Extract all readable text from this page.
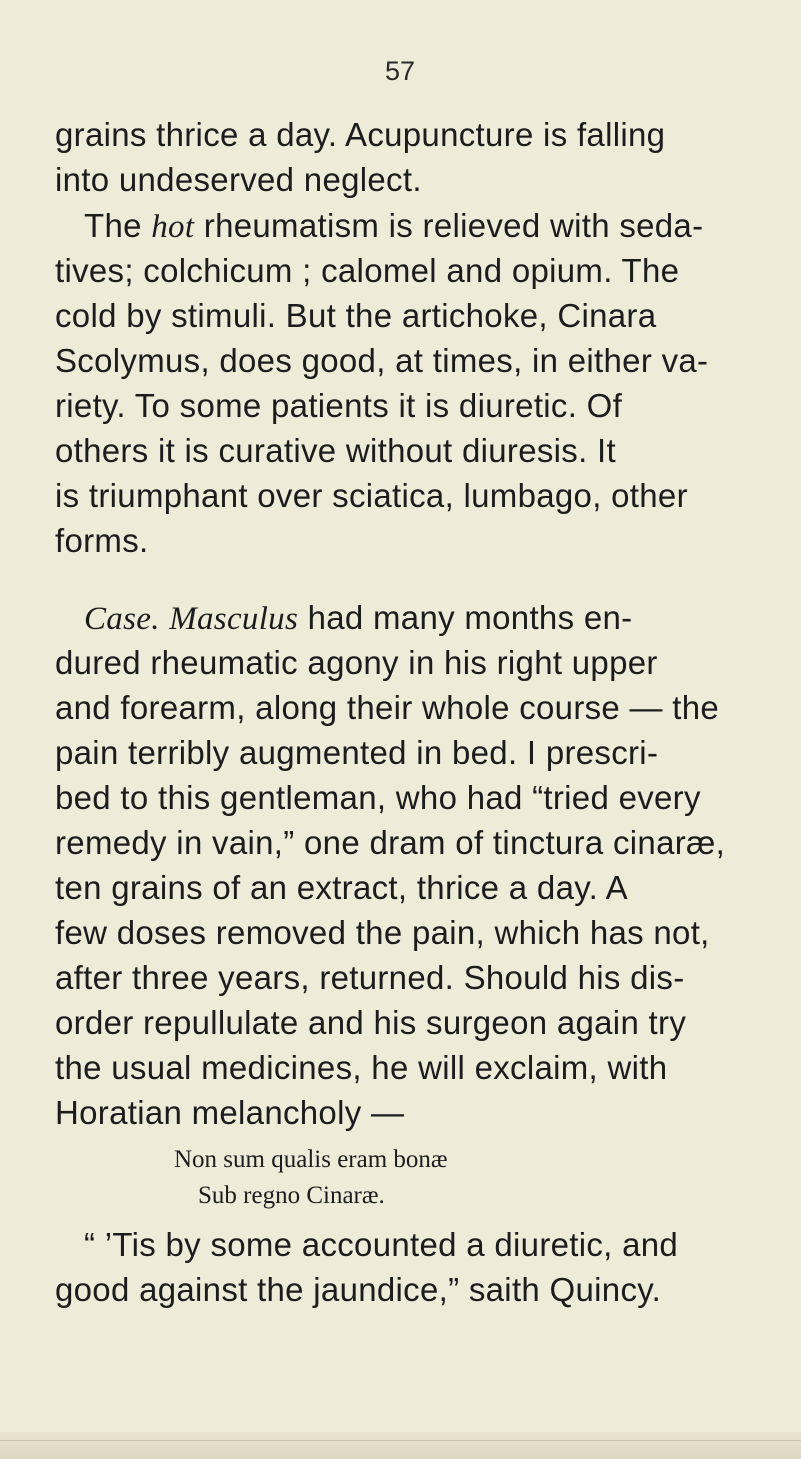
57
grains thrice a day. Acupuncture is falling
into undeserved neglect.
The hot rheumatism is relieved with seda-
tives; colchicum ; calomel and opium. The
cold by stimuli. But the artichoke, Cinara
Scolymus, does good, at times, in either va-
riety. To some patients it is diuretic. Of
others it is curative without diuresis. It
is triumphant over sciatica, lumbago, other
forms.
Case. Masculus had many months en-
dured rheumatic agony in his right upper
and forearm, along their whole course — the
pain terribly augmented in bed. I prescri-
bed to this gentleman, who had “tried every
remedy in vain,” one dram of tinctura cinaræ,
ten grains of an extract, thrice a day. A
few doses removed the pain, which has not,
after three years, returned. Should his dis-
order repullulate and his surgeon again try
the usual medicines, he will exclaim, with
Horatian melancholy —
Non sum qualis eram bonæ
Sub regno Cinaræ.
“ ’Tis by some accounted a diuretic, and
good against the jaundice,” saith Quincy.
